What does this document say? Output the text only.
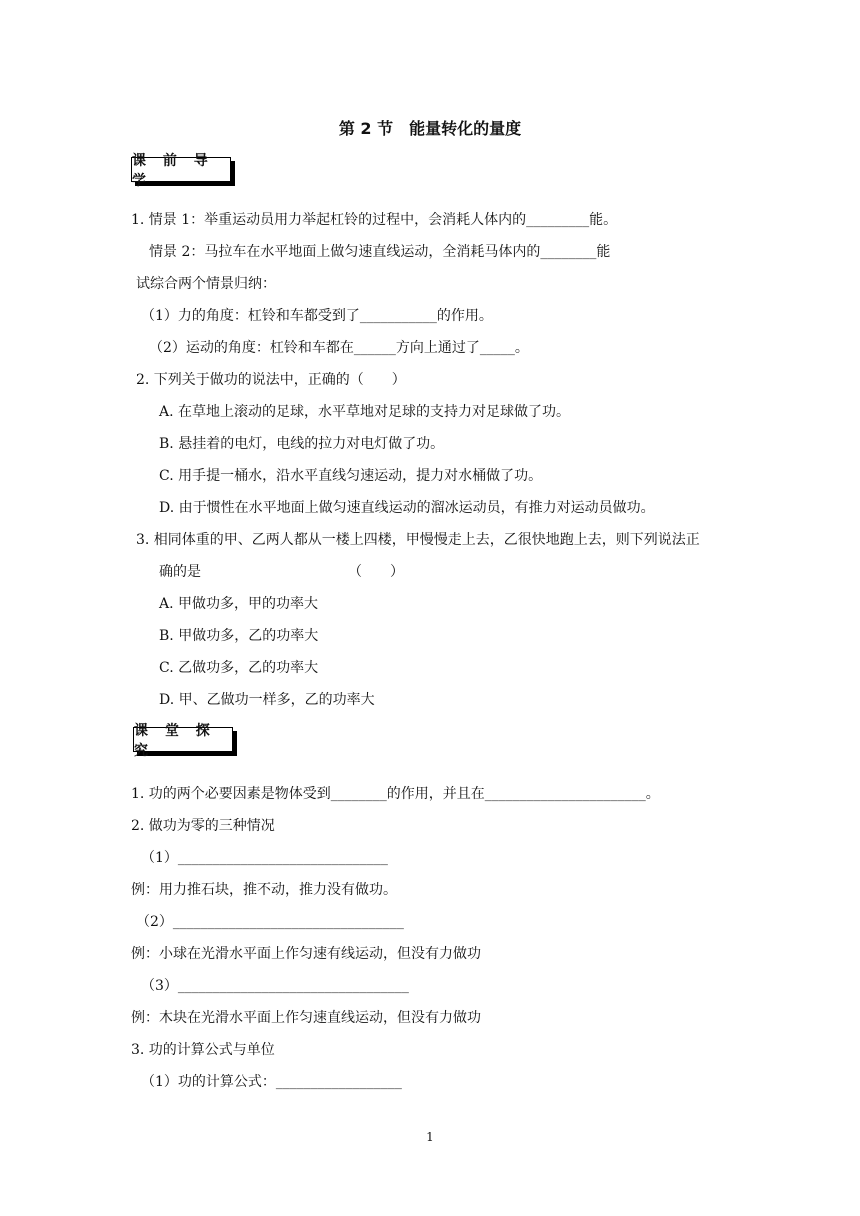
第 2 节　能量转化的量度
课 前 导 学
1. 情景 1：举重运动员用力举起杠铃的过程中，会消耗人体内的_________能。
情景 2：马拉车在水平地面上做匀速直线运动，全消耗马体内的________能
试综合两个情景归纳：
（1）力的角度：杠铃和车都受到了___________的作用。
（2）运动的角度：杠铃和车都在______方向上通过了_____。
2. 下列关于做功的说法中，正确的（　　）
A. 在草地上滚动的足球，水平草地对足球的支持力对足球做了功。
B. 悬挂着的电灯，电线的拉力对电灯做了功。
C. 用手提一桶水，沿水平直线匀速运动，提力对水桶做了功。
D. 由于惯性在水平地面上做匀速直线运动的溜冰运动员，有推力对运动员做功。
3. 相同体重的甲、乙两人都从一楼上四楼，甲慢慢走上去，乙很快地跑上去，则下列说法正
确的是　　　　　　　　　　　（　　）
A. 甲做功多，甲的功率大
B. 甲做功多，乙的功率大
C. 乙做功多，乙的功率大
D. 甲、乙做功一样多，乙的功率大
课 堂 探 究
1. 功的两个必要因素是物体受到________的作用，并且在_______________________。
2. 做功为零的三种情况
（1）______________________________
例：用力推石块，推不动，推力没有做功。
（2）_________________________________
例：小球在光滑水平面上作匀速有线运动，但没有力做功
（3）_________________________________
例：木块在光滑水平面上作匀速直线运动，但没有力做功
3. 功的计算公式与单位
（1）功的计算公式：__________________
1
